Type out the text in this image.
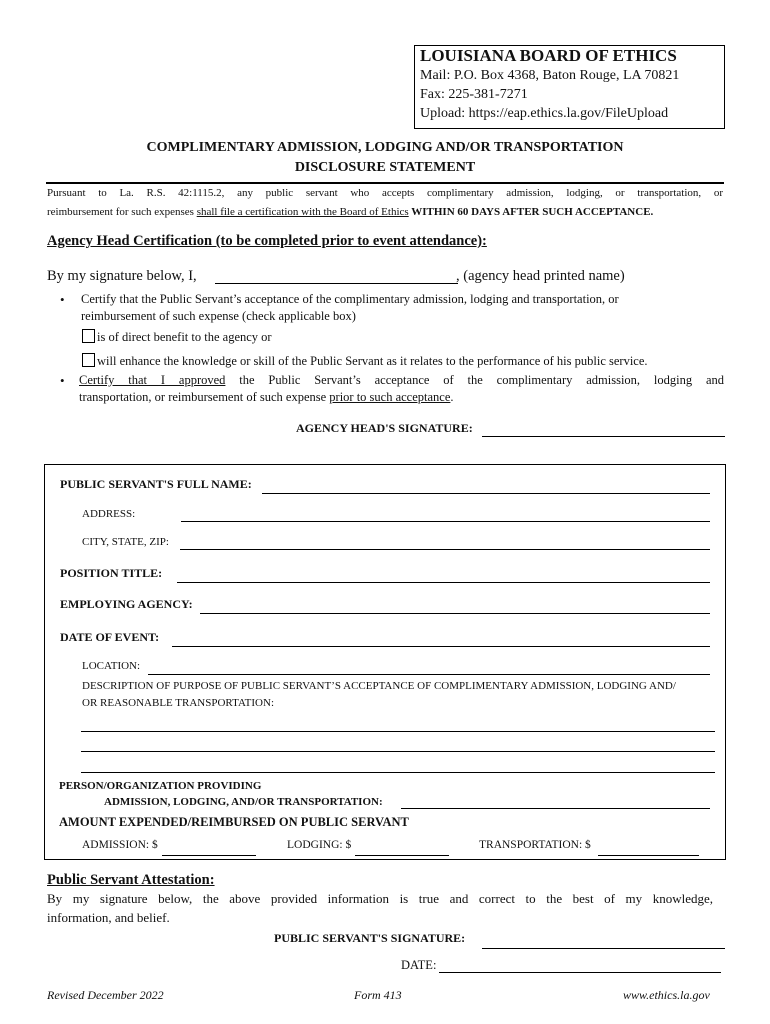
LOUISIANA BOARD OF ETHICS
Mail: P.O. Box 4368, Baton Rouge, LA 70821
Fax: 225-381-7271
Upload: https://eap.ethics.la.gov/FileUpload
COMPLIMENTARY ADMISSION, LODGING AND/OR TRANSPORTATION
DISCLOSURE STATEMENT
Pursuant to La. R.S. 42:1115.2, any public servant who accepts complimentary admission, lodging, or transportation, or
reimbursement for such expenses shall file a certification with the Board of Ethics WITHIN 60 DAYS AFTER SUCH ACCEPTANCE.
Agency Head Certification (to be completed prior to event attendance):
By my signature below, I,	, (agency head printed name)
• Certify that the Public Servant’s acceptance of the complimentary admission, lodging and transportation, or
reimbursement of such expense (check applicable box)
is of direct benefit to the agency or
will enhance the knowledge or skill of the Public Servant as it relates to the performance of his public service.
• Certify that I approved the Public Servant’s acceptance of the complimentary admission, lodging and
transportation, or reimbursement of such expense prior to such acceptance.
AGENCY HEAD'S SIGNATURE:
PUBLIC SERVANT'S FULL NAME:
ADDRESS:
CITY, STATE, ZIP:
POSITION TITLE:
EMPLOYING AGENCY:
DATE OF EVENT:
LOCATION:
DESCRIPTION OF PURPOSE OF PUBLIC SERVANT’S ACCEPTANCE OF COMPLIMENTARY ADMISSION, LODGING AND/
OR REASONABLE TRANSPORTATION:
PERSON/ORGANIZATION PROVIDING
ADMISSION, LODGING, AND/OR TRANSPORTATION:
AMOUNT EXPENDED/REIMBURSED ON PUBLIC SERVANT
ADMISSION: $	LODGING: $	TRANSPORTATION: $
Public Servant Attestation:
By my signature below, the above provided information is true and correct to the best of my knowledge,
information, and belief.
PUBLIC SERVANT'S SIGNATURE:
DATE:
Revised December 2022	Form 413	www.ethics.la.gov
